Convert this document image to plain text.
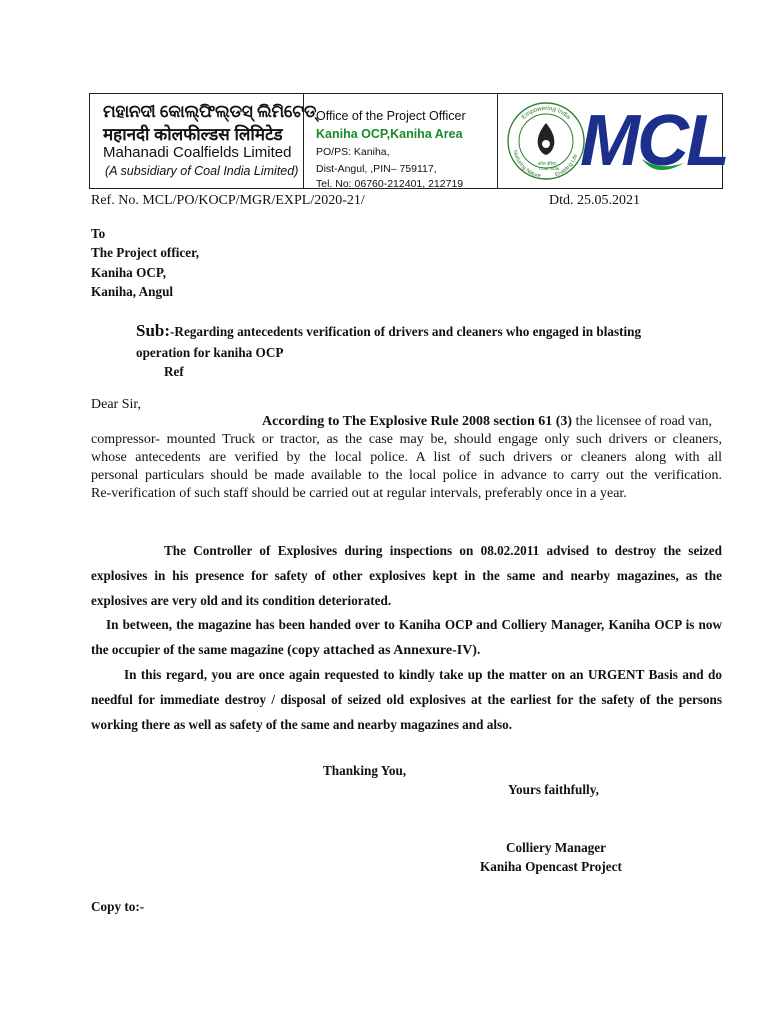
ମହାନଦୀ କୋଲ୍‌ଫିଲ୍‌ଡସ୍ ଲିମିଟେଡ୍
महानदी कोलफील्डस लिमिटेड
Mahanadi Coalfields Limited
(A subsidiary of Coal India Limited)
Office of the Project Officer
Kaniha OCP,Kaniha Area
PO/PS: Kaniha,
Dist-Angul, ,PIN– 759117,
Tel. No: 06760-212401, 212719
Empowering India
Nurturing Nature Enabling Life
कोल इंडिया
Coal India MCL
Ref. No. MCL/PO/KOCP/MGR/EXPL/2020-21/	Dtd. 25.05.2021
To
The Project officer,
Kaniha OCP,
Kaniha, Angul
Sub:-Regarding antecedents verification of drivers and cleaners who engaged in blasting
operation for kaniha OCP
Ref
Dear Sir,
According to The Explosive Rule 2008 section 61 (3) the licensee of road van,
compressor- mounted Truck or tractor, as the case may be, should engage only such drivers or cleaners,
whose antecedents are verified by the local police. A list of such drivers or cleaners along with all
personal particulars should be made available to the local police in advance to carry out the verification.
Re-verification of such staff should be carried out at regular intervals, preferably once in a year.
The Controller of Explosives during inspections on 08.02.2011 advised to destroy the seized
explosives in his presence for safety of other explosives kept in the same and nearby magazines, as the
explosives are very old and its condition deteriorated.
In between, the magazine has been handed over to Kaniha OCP and Colliery Manager, Kaniha OCP is now
the occupier of the same magazine (copy attached as Annexure-IV).
In this regard, you are once again requested to kindly take up the matter on an URGENT Basis and do
needful for immediate destroy / disposal of seized old explosives at the earliest for the safety of the persons
working there as well as safety of the same and nearby magazines and also.
Thanking You,
Yours faithfully,
Colliery Manager
Kaniha Opencast Project
Copy to:-
